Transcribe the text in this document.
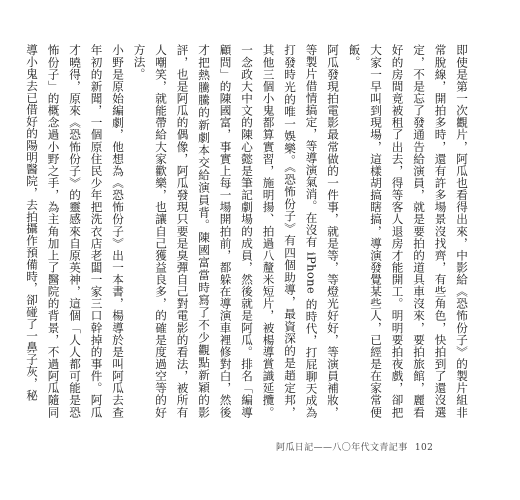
即使是第一次觀片，阿瓜也看得出來，中影給《恐怖份子》的製片組非常脫線，開拍多時，還有許多場景沒找齊，有些角色，快拍到了還沒選定，不是忘了發通告給演員，就是要拍的道具車沒來，要拍旅館，麗看好的房間竟被租了出去，得等客人退房才能開工。明明要拍夜戲，卻把大家一早叫到現場，這樣胡搞瞎搞，導演發覺某些人，已經是在家常便飯。

阿瓜發現拍電影最常做的一件事，就是等，等燈光好好，等演員補妝，等製片借情搞定，等導演氣消。在沒有 iPhone 的時代，打屁聊天成為打發時光的唯一娛樂。《恐怖份子》有四個助導，最資深的是趙定邦，其他三個小鬼都算實習，施明揚、拍過八釐米短片，被楊導賞識延攬。一念政大中文的陳心懿是筆記劇場的成員，然後就是阿瓜。排名「編導顧問」的陳國富，事實上每一場開拍前，都躲在導演車裡修對白，然後才把熱騰騰的新劇本交給演員背。陳國富當時寫了不少觀點新穎的影評，也是阿瓜的偶像，阿瓜發現只要是臭彈自己對電影的看法，被所有人嘲笑，就能帶給大家歡樂，也讓自己獲益良多，的確是度過空等的好方法。

小野是原始編劇，他想為《恐怖份子》出一本書，楊導於是叫阿瓜去查年初的新聞，一個原住民少年把洗衣店老闆一家三口幹掉的事件。阿瓜才曉得，原來《恐怖份子》的靈感來自原英神，這個「人人都可能是恐怖份子」的概念過小野之手，為主角加上了醫院的背景，不過阿瓜隨同導小鬼去已借好的陽明醫院，去拍攝作預備時，卻碰了一鼻子灰，秘

阿瓜日記——八〇年代文青記事 102
